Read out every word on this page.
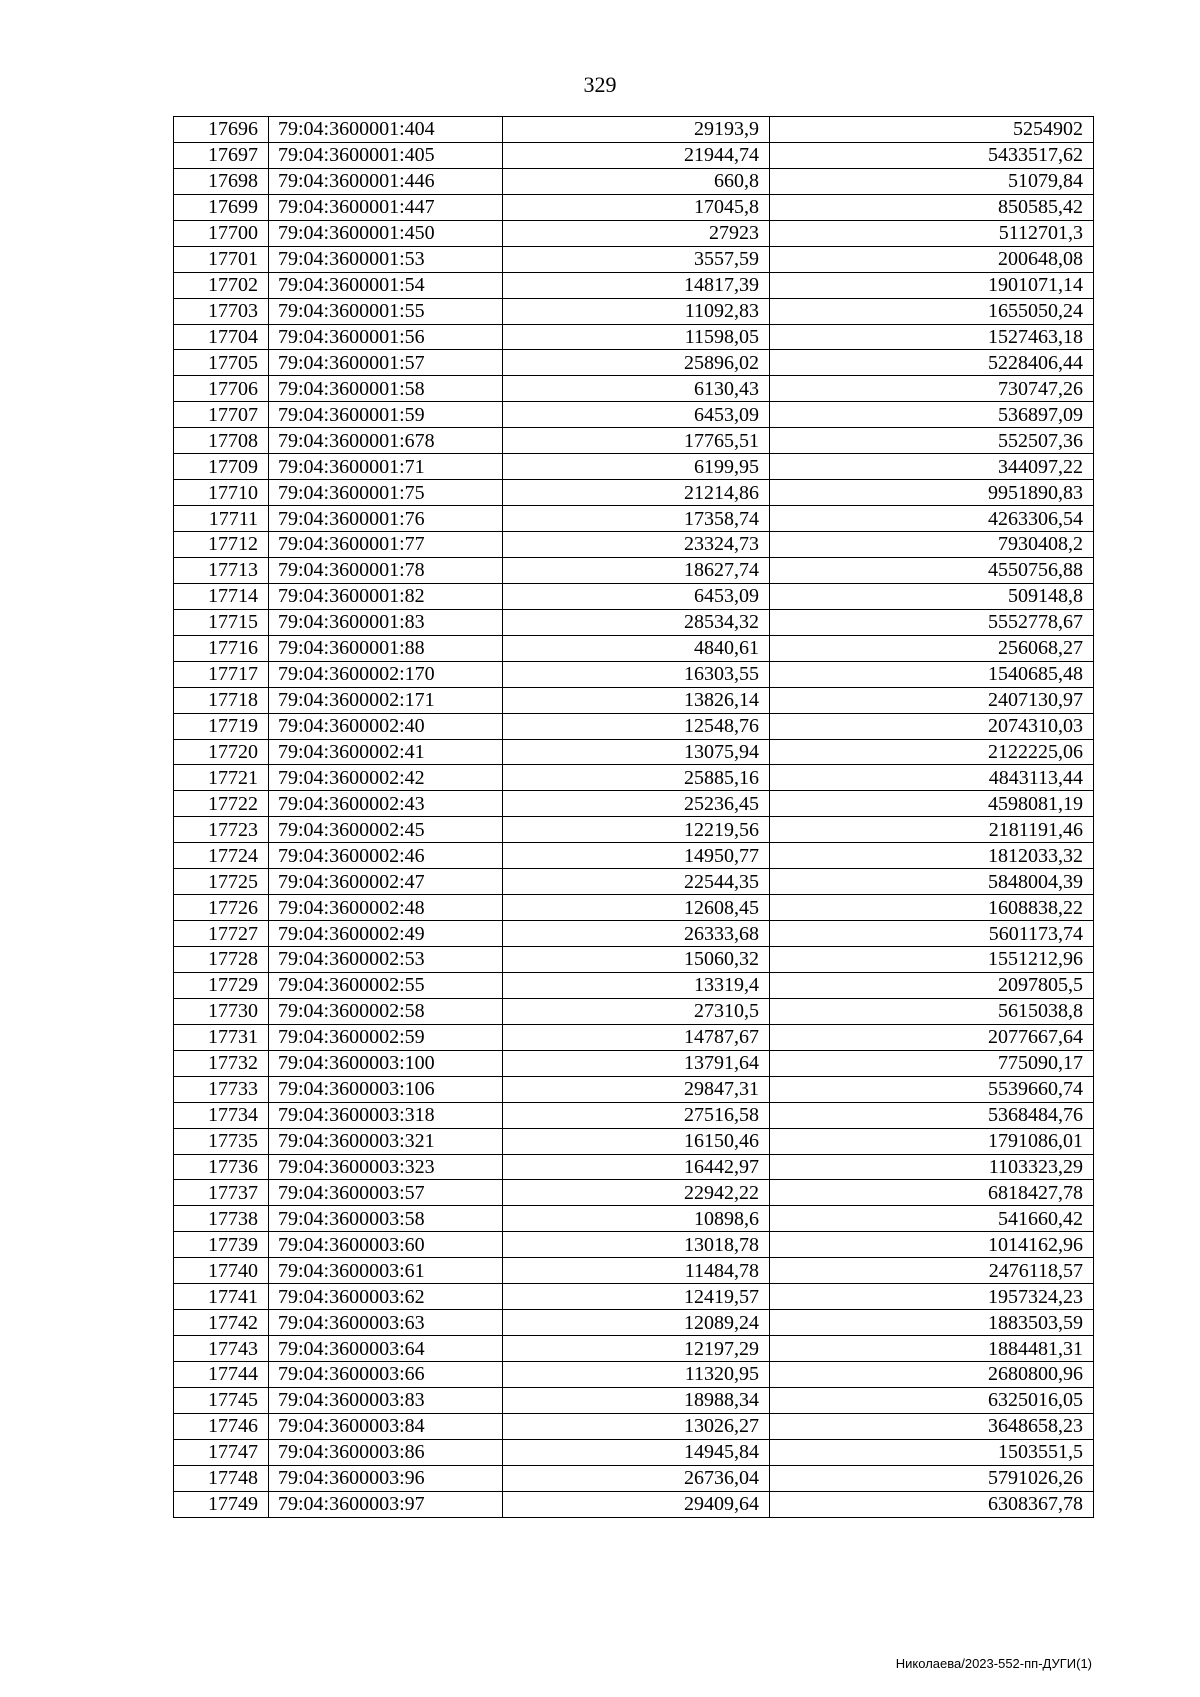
329
17696	79:04:3600001:404	29193,9	5254902
17697	79:04:3600001:405	21944,74	5433517,62
17698	79:04:3600001:446	660,8	51079,84
17699	79:04:3600001:447	17045,8	850585,42
17700	79:04:3600001:450	27923	5112701,3
17701	79:04:3600001:53	3557,59	200648,08
17702	79:04:3600001:54	14817,39	1901071,14
17703	79:04:3600001:55	11092,83	1655050,24
17704	79:04:3600001:56	11598,05	1527463,18
17705	79:04:3600001:57	25896,02	5228406,44
17706	79:04:3600001:58	6130,43	730747,26
17707	79:04:3600001:59	6453,09	536897,09
17708	79:04:3600001:678	17765,51	552507,36
17709	79:04:3600001:71	6199,95	344097,22
17710	79:04:3600001:75	21214,86	9951890,83
17711	79:04:3600001:76	17358,74	4263306,54
17712	79:04:3600001:77	23324,73	7930408,2
17713	79:04:3600001:78	18627,74	4550756,88
17714	79:04:3600001:82	6453,09	509148,8
17715	79:04:3600001:83	28534,32	5552778,67
17716	79:04:3600001:88	4840,61	256068,27
17717	79:04:3600002:170	16303,55	1540685,48
17718	79:04:3600002:171	13826,14	2407130,97
17719	79:04:3600002:40	12548,76	2074310,03
17720	79:04:3600002:41	13075,94	2122225,06
17721	79:04:3600002:42	25885,16	4843113,44
17722	79:04:3600002:43	25236,45	4598081,19
17723	79:04:3600002:45	12219,56	2181191,46
17724	79:04:3600002:46	14950,77	1812033,32
17725	79:04:3600002:47	22544,35	5848004,39
17726	79:04:3600002:48	12608,45	1608838,22
17727	79:04:3600002:49	26333,68	5601173,74
17728	79:04:3600002:53	15060,32	1551212,96
17729	79:04:3600002:55	13319,4	2097805,5
17730	79:04:3600002:58	27310,5	5615038,8
17731	79:04:3600002:59	14787,67	2077667,64
17732	79:04:3600003:100	13791,64	775090,17
17733	79:04:3600003:106	29847,31	5539660,74
17734	79:04:3600003:318	27516,58	5368484,76
17735	79:04:3600003:321	16150,46	1791086,01
17736	79:04:3600003:323	16442,97	1103323,29
17737	79:04:3600003:57	22942,22	6818427,78
17738	79:04:3600003:58	10898,6	541660,42
17739	79:04:3600003:60	13018,78	1014162,96
17740	79:04:3600003:61	11484,78	2476118,57
17741	79:04:3600003:62	12419,57	1957324,23
17742	79:04:3600003:63	12089,24	1883503,59
17743	79:04:3600003:64	12197,29	1884481,31
17744	79:04:3600003:66	11320,95	2680800,96
17745	79:04:3600003:83	18988,34	6325016,05
17746	79:04:3600003:84	13026,27	3648658,23
17747	79:04:3600003:86	14945,84	1503551,5
17748	79:04:3600003:96	26736,04	5791026,26
17749	79:04:3600003:97	29409,64	6308367,78
Николаева/2023-552-пп-ДУГИ(1)
